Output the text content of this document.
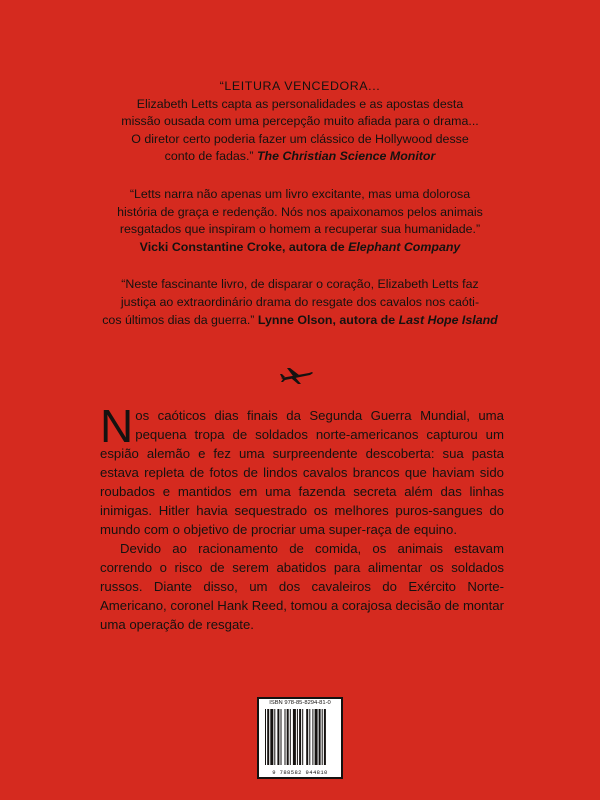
“LEITURA VENCEDORA...

Elizabeth Letts capta as personalidades e as apostas desta

missão ousada com uma percepção muito afiada para o drama...

O diretor certo poderia fazer um clássico de Hollywood desse

conto de fadas.” The Christian Science Monitor

“Letts narra não apenas um livro excitante, mas uma dolorosa

história de graça e redenção. Nós nos apaixonamos pelos animais

resgatados que inspiram o homem a recuperar sua humanidade.”

Vicki Constantine Croke, autora de Elephant Company

“Neste fascinante livro, de disparar o coração, Elizabeth Letts faz

justiça ao extraordinário drama do resgate dos cavalos nos caóti-

cos últimos dias da guerra.” Lynne Olson, autora de Last Hope Island

Nos caóticos dias finais da Segunda Guerra Mundial, uma pequena tropa de soldados norte-americanos capturou um espião alemão e fez uma surpreendente descoberta: sua pasta estava repleta de fotos de lindos cavalos brancos que haviam sido roubados e mantidos em uma fazenda secreta além das linhas inimigas. Hitler havia sequestrado os melhores puros-sangues do mundo com o objetivo de procriar uma super-raça de equino.

Devido ao racionamento de comida, os animais estavam correndo o risco de serem abatidos para alimentar os soldados russos. Diante disso, um dos cavaleiros do Exército Norte-Americano, coronel Hank Reed, tomou a corajosa decisão de montar uma operação de resgate.

ISBN 978-85-8294-81-0
9 788582 944810
